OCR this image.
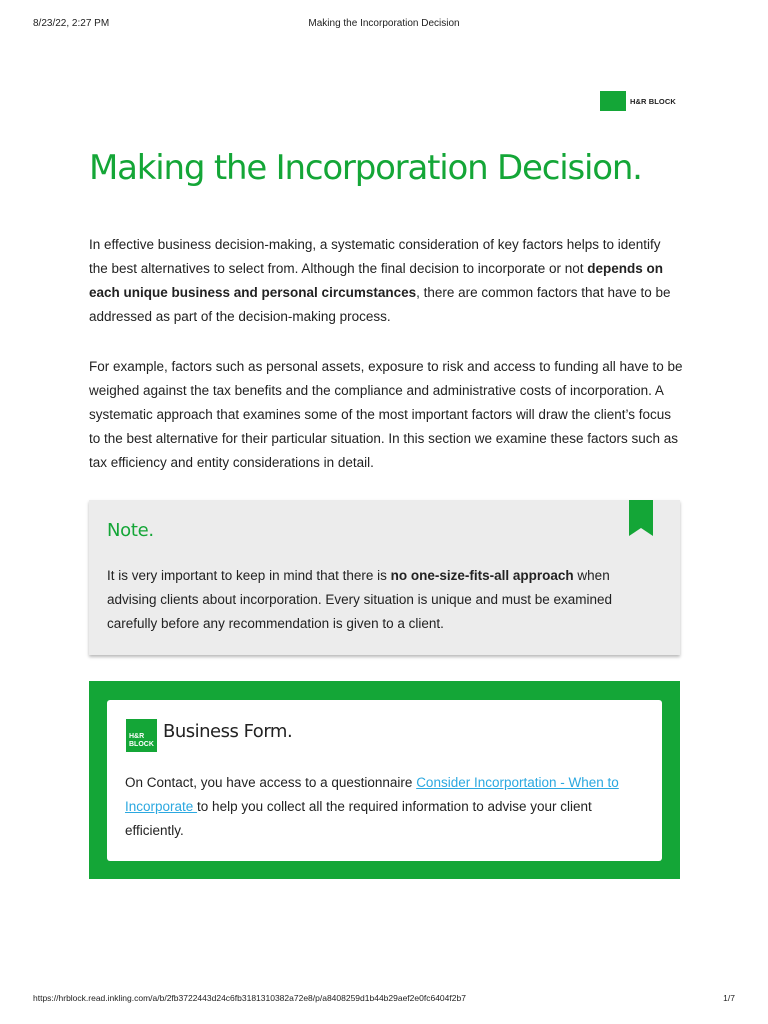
8/23/22, 2:27 PM	Making the Incorporation Decision
H&R BLOCK
Making the Incorporation Decision.

In effective business decision-making, a systematic consideration of key factors helps to identify the best alternatives to select from. Although the final decision to incorporate or not depends on each unique business and personal circumstances, there are common factors that have to be addressed as part of the decision-making process.

For example, factors such as personal assets, exposure to risk and access to funding all have to be weighed against the tax benefits and the compliance and administrative costs of incorporation. A systematic approach that examines some of the most important factors will draw the client’s focus to the best alternative for their particular situation. In this section we examine these factors such as tax efficiency and entity considerations in detail.

Note.

It is very important to keep in mind that there is no one-size-fits-all approach when advising clients about incorporation. Every situation is unique and must be examined carefully before any recommendation is given to a client.

H&R
BLOCK
Business Form.

On Contact, you have access to a questionnaire Consider Incorportation - When to Incorporate to help you collect all the required information to advise your client efficiently.

https://hrblock.read.inkling.com/a/b/2fb3722443d24c6fb3181310382a72e8/p/a8408259d1b44b29aef2e0fc6404f2b7	1/7
